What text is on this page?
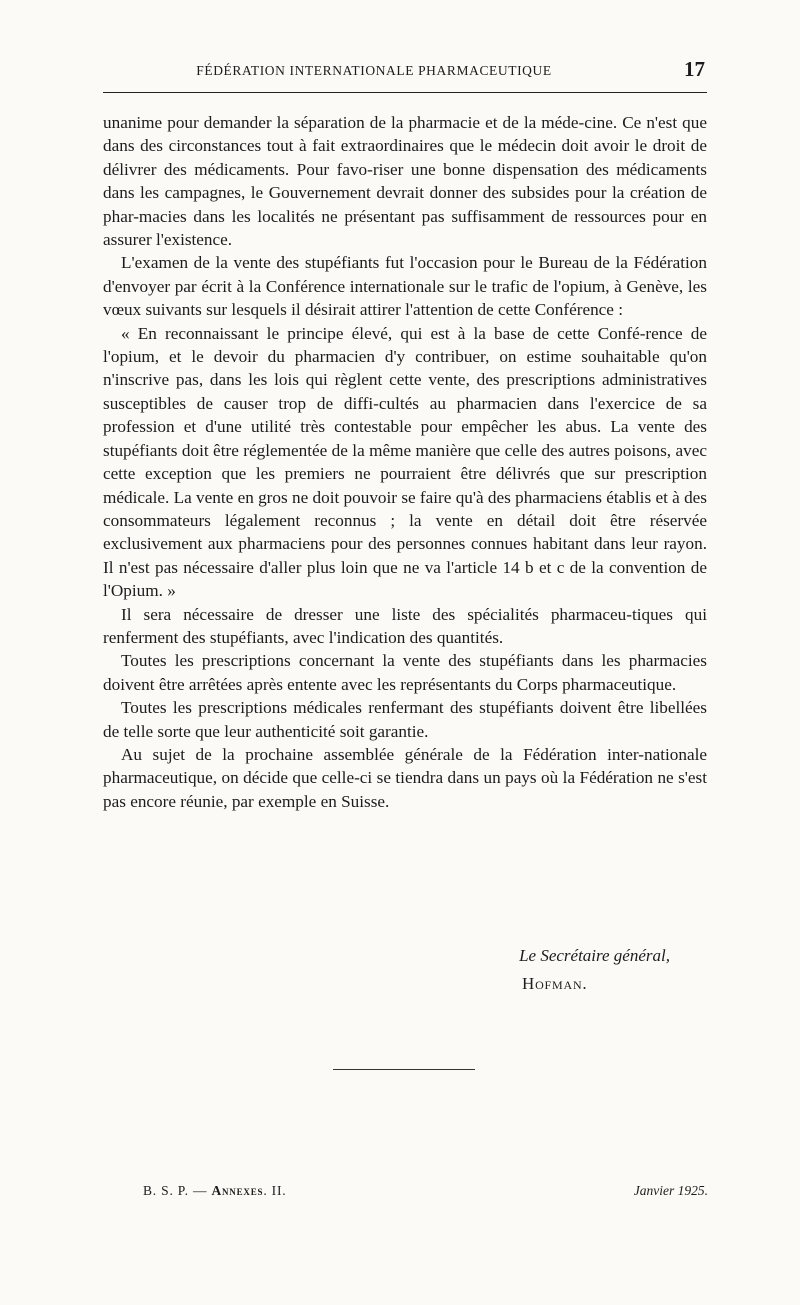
FÉDÉRATION INTERNATIONALE PHARMACEUTIQUE	17

unanime pour demander la séparation de la pharmacie et de la méde-cine. Ce n'est que dans des circonstances tout à fait extraordinaires que le médecin doit avoir le droit de délivrer des médicaments. Pour favo-riser une bonne dispensation des médicaments dans les campagnes, le Gouvernement devrait donner des subsides pour la création de phar-macies dans les localités ne présentant pas suffisamment de ressources pour en assurer l'existence.

L'examen de la vente des stupéfiants fut l'occasion pour le Bureau de la Fédération d'envoyer par écrit à la Conférence internationale sur le trafic de l'opium, à Genève, les vœux suivants sur lesquels il désirait attirer l'attention de cette Conférence :

« En reconnaissant le principe élevé, qui est à la base de cette Confé-rence de l'opium, et le devoir du pharmacien d'y contribuer, on estime souhaitable qu'on n'inscrive pas, dans les lois qui règlent cette vente, des prescriptions administratives susceptibles de causer trop de diffi-cultés au pharmacien dans l'exercice de sa profession et d'une utilité très contestable pour empêcher les abus. La vente des stupéfiants doit être réglementée de la même manière que celle des autres poisons, avec cette exception que les premiers ne pourraient être délivrés que sur prescription médicale. La vente en gros ne doit pouvoir se faire qu'à des pharmaciens établis et à des consommateurs légalement reconnus ; la vente en détail doit être réservée exclusivement aux pharmaciens pour des personnes connues habitant dans leur rayon. Il n'est pas nécessaire d'aller plus loin que ne va l'article 14 b et c de la convention de l'Opium. »

Il sera nécessaire de dresser une liste des spécialités pharmaceu-tiques qui renferment des stupéfiants, avec l'indication des quantités.

Toutes les prescriptions concernant la vente des stupéfiants dans les pharmacies doivent être arrêtées après entente avec les représentants du Corps pharmaceutique.

Toutes les prescriptions médicales renfermant des stupéfiants doivent être libellées de telle sorte que leur authenticité soit garantie.

Au sujet de la prochaine assemblée générale de la Fédération inter-nationale pharmaceutique, on décide que celle-ci se tiendra dans un pays où la Fédération ne s'est pas encore réunie, par exemple en Suisse.

Le Secrétaire général,
Hofman.
B. S. P. — Annexes. II.	Janvier 1925.
